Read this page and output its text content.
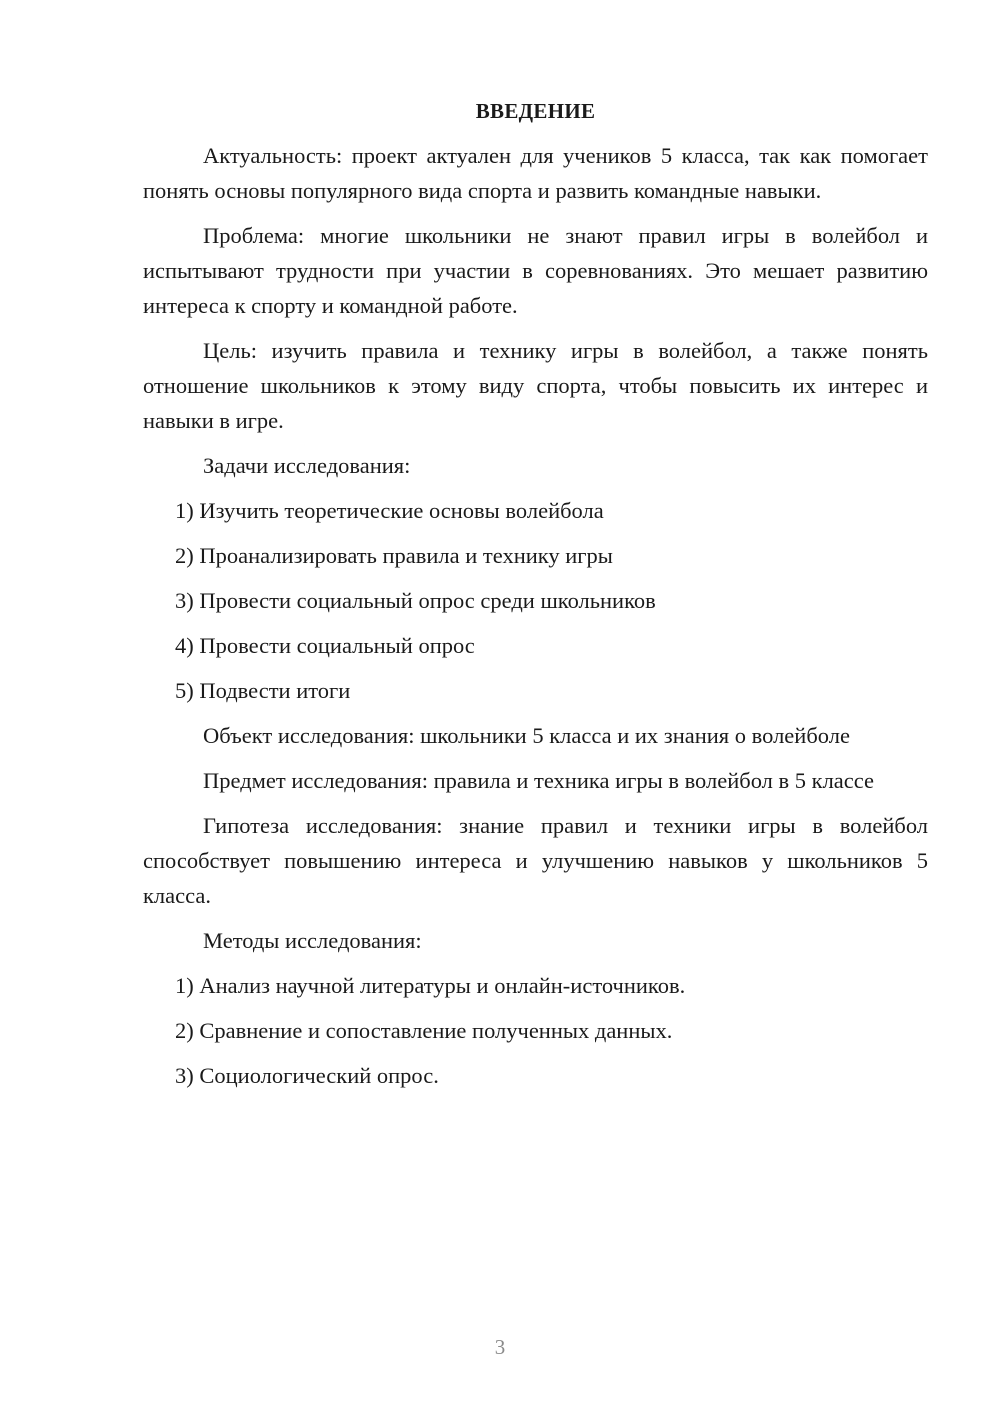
ВВЕДЕНИЕ

Актуальность: проект актуален для учеников 5 класса, так как помогает понять основы популярного вида спорта и развить командные навыки.

Проблема: многие школьники не знают правил игры в волейбол и испытывают трудности при участии в соревнованиях. Это мешает развитию интереса к спорту и командной работе.

Цель: изучить правила и технику игры в волейбол, а также понять отношение школьников к этому виду спорта, чтобы повысить их интерес и навыки в игре.

Задачи исследования:

1) Изучить теоретические основы волейбола
2) Проанализировать правила и технику игры
3) Провести социальный опрос среди школьников
4) Провести социальный опрос
5) Подвести итоги

Объект исследования: школьники 5 класса и их знания о волейболе

Предмет исследования: правила и техника игры в волейбол в 5 классе

Гипотеза исследования: знание правил и техники игры в волейбол способствует повышению интереса и улучшению навыков у школьников 5 класса.

Методы исследования:

1) Анализ научной литературы и онлайн-источников.
2) Сравнение и сопоставление полученных данных.
3) Социологический опрос.
3
